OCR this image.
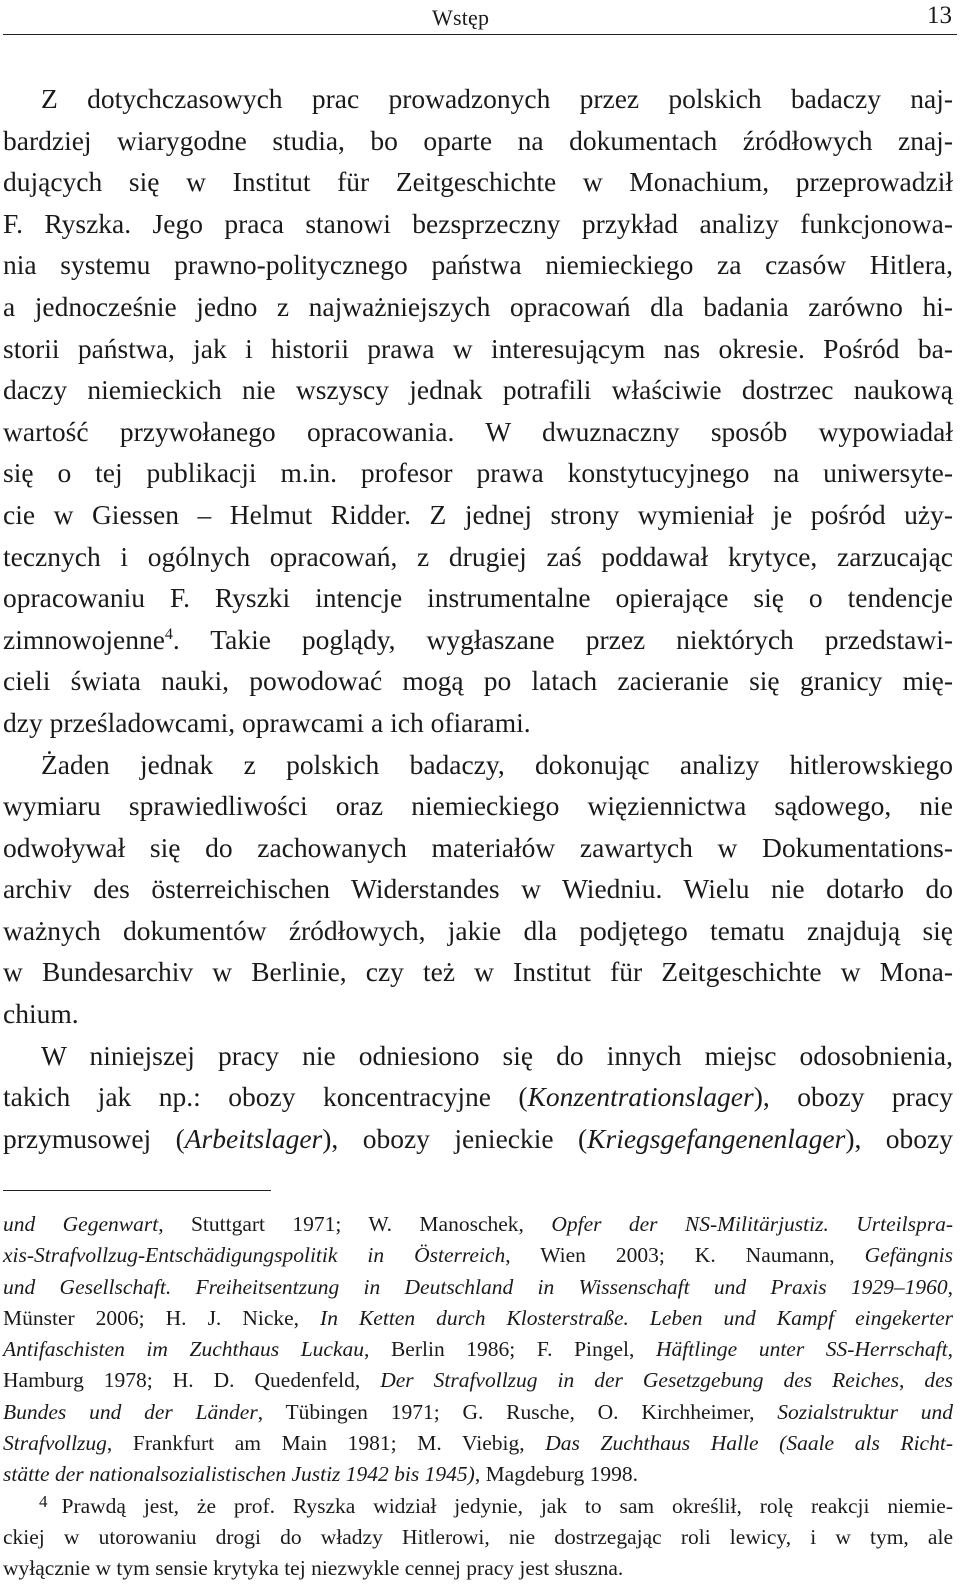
Wstęp	13
Z dotychczasowych prac prowadzonych przez polskich badaczy naj-
bardziej wiarygodne studia, bo oparte na dokumentach źródłowych znaj-
dujących się w Institut für Zeitgeschichte w Monachium, przeprowadził
F. Ryszka. Jego praca stanowi bezsprzeczny przykład analizy funkcjonowa-
nia systemu prawno-politycznego państwa niemieckiego za czasów Hitlera,
a jednocześnie jedno z najważniejszych opracowań dla badania zarówno hi-
storii państwa, jak i historii prawa w interesującym nas okresie. Pośród ba-
daczy niemieckich nie wszyscy jednak potrafili właściwie dostrzec naukową
wartość przywołanego opracowania. W dwuznaczny sposób wypowiadał
się o tej publikacji m.in. profesor prawa konstytucyjnego na uniwersyte-
cie w Giessen – Helmut Ridder. Z jednej strony wymieniał je pośród uży-
tecznych i ogólnych opracowań, z drugiej zaś poddawał krytyce, zarzucając
opracowaniu F. Ryszki intencje instrumentalne opierające się o tendencje
zimnowojenne$^4$. Takie poglądy, wygłaszane przez niektórych przedstawi-
cieli świata nauki, powodować mogą po latach zacieranie się granicy mię-
dzy prześladowcami, oprawcami a ich ofiarami.
Żaden jednak z polskich badaczy, dokonując analizy hitlerowskiego
wymiaru sprawiedliwości oraz niemieckiego więziennictwa sądowego, nie
odwoływał się do zachowanych materiałów zawartych w Dokumentations-
archiv des österreichischen Widerstandes w Wiedniu. Wielu nie dotarło do
ważnych dokumentów źródłowych, jakie dla podjętego tematu znajdują się
w Bundesarchiv w Berlinie, czy też w Institut für Zeitgeschichte w Mona-
chium.
W niniejszej pracy nie odniesiono się do innych miejsc odosobnienia,
takich jak np.: obozy koncentracyjne (Konzentrationslager), obozy pracy
przymusowej (Arbeitslager), obozy jenieckie (Kriegsgefangenenlager), obozy
und Gegenwart, Stuttgart 1971; W. Manoschek, Opfer der NS-Militärjustiz. Urteilspra-
xis-Strafvollzug-Entschädigungspolitik in Österreich, Wien 2003; K. Naumann, Gefängnis
und Gesellschaft. Freiheitsentzung in Deutschland in Wissenschaft und Praxis 1929–1960,
Münster 2006; H. J. Nicke, In Ketten durch Klosterstraße. Leben und Kampf eingekerter
Antifaschisten im Zuchthaus Luckau, Berlin 1986; F. Pingel, Häftlinge unter SS-Herrschaft,
Hamburg 1978; H. D. Quedenfeld, Der Strafvollzug in der Gesetzgebung des Reiches, des
Bundes und der Länder, Tübingen 1971; G. Rusche, O. Kirchheimer, Sozialstruktur und
Strafvollzug, Frankfurt am Main 1981; M. Viebig, Das Zuchthaus Halle (Saale als Richt-
stätte der nationalsozialistischen Justiz 1942 bis 1945), Magdeburg 1998.
$^4$ Prawdą jest, że prof. Ryszka widział jedynie, jak to sam określił, rolę reakcji niemie-
ckiej w utorowaniu drogi do władzy Hitlerowi, nie dostrzegając roli lewicy, i w tym, ale
wyłącznie w tym sensie krytyka tej niezwykle cennej pracy jest słuszna.
